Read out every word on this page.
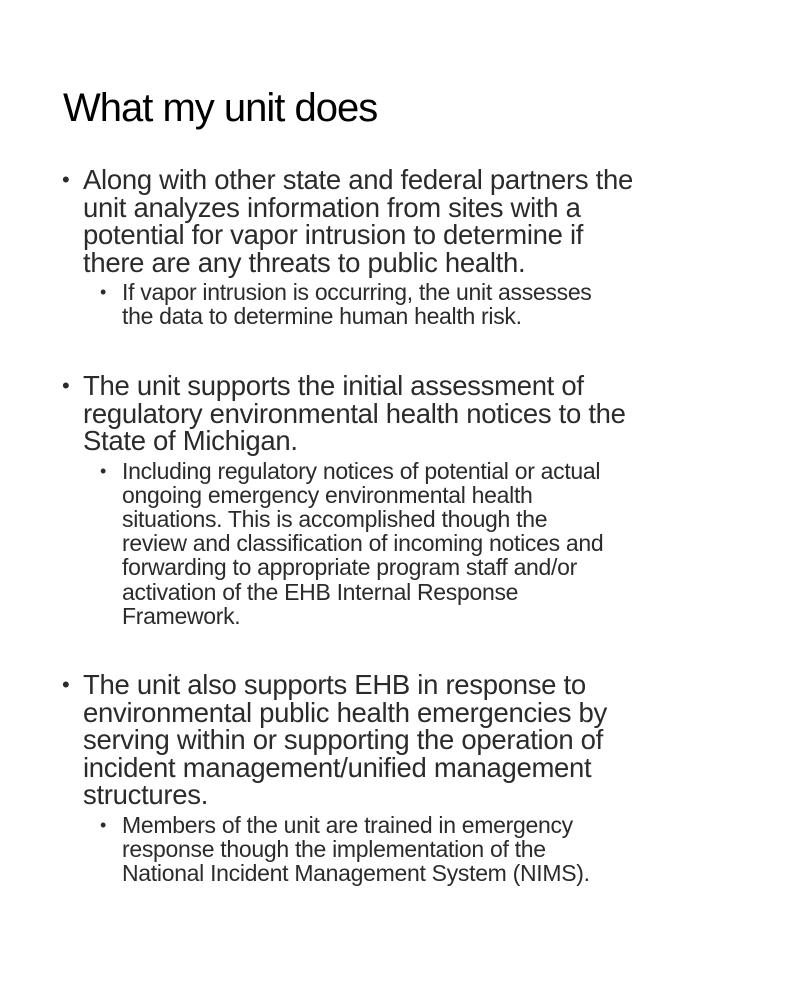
What my unit does
• Along with other state and federal partners the
unit analyzes information from sites with a
potential for vapor intrusion to determine if
there are any threats to public health.
• If vapor intrusion is occurring, the unit assesses
the data to determine human health risk.
• The unit supports the initial assessment of
regulatory environmental health notices to the
State of Michigan.
• Including regulatory notices of potential or actual
ongoing emergency environmental health
situations. This is accomplished though the
review and classification of incoming notices and
forwarding to appropriate program staff and/or
activation of the EHB Internal Response
Framework.
• The unit also supports EHB in response to
environmental public health emergencies by
serving within or supporting the operation of
incident management/unified management
structures.
• Members of the unit are trained in emergency
response though the implementation of the
National Incident Management System (NIMS).
